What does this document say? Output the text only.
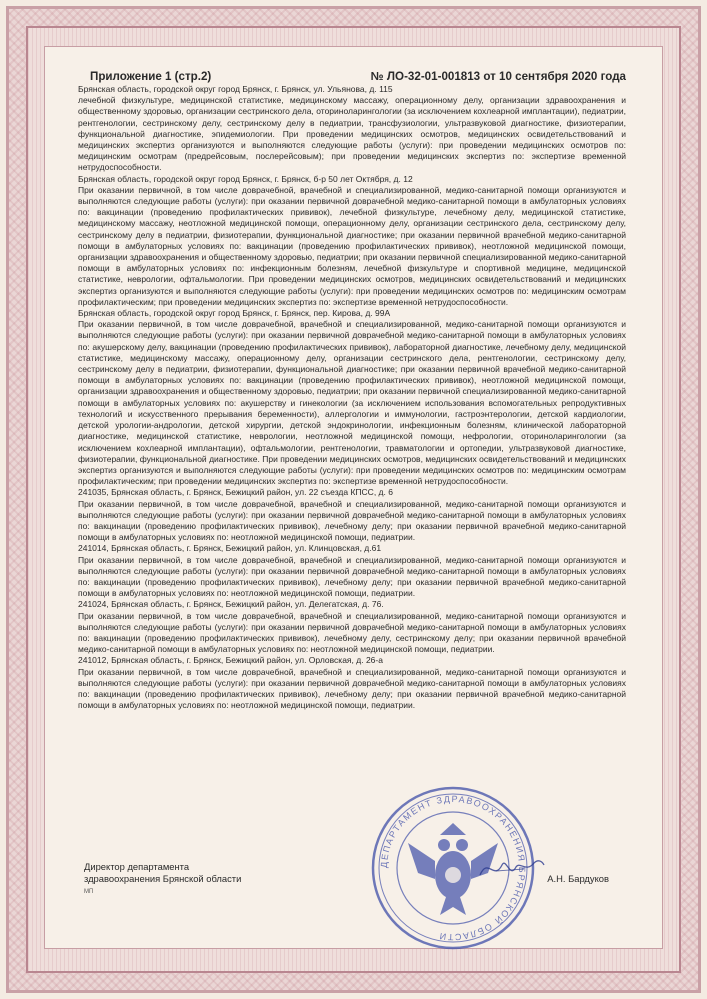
Приложение 1 (стр.2)	№ ЛО-32-01-001813 от 10 сентября 2020 года

Брянская область, городской округ город Брянск, г. Брянск, ул. Ульянова, д. 115

лечебной физкультуре, медицинской статистике, медицинскому массажу, операционному делу, организации здравоохранения и общественному здоровью, организации сестринского дела, оториноларингологии (за исключением кохлеарной имплантации), педиатрии, рентгенологии, сестринскому делу, сестринскому делу в педиатрии, трансфузиологии, ультразвуковой диагностике, физиотерапии, функциональной диагностике, эпидемиологии. При проведении медицинских осмотров, медицинских освидетельствований и медицинских экспертиз организуются и выполняются следующие работы (услуги): при проведении медицинских осмотров по: медицинским осмотрам (предрейсовым, послерейсовым); при проведении медицинских экспертиз по: экспертизе временной нетрудоспособности.

Брянская область, городской округ город Брянск, г. Брянск, б-р 50 лет Октября, д. 12

При оказании первичной, в том числе доврачебной, врачебной и специализированной, медико-санитарной помощи организуются и выполняются следующие работы (услуги): при оказании первичной доврачебной медико-санитарной помощи в амбулаторных условиях по: вакцинации (проведению профилактических прививок), лечебной физкультуре, лечебному делу, медицинской статистике, медицинскому массажу, неотложной медицинской помощи, операционному делу, организации сестринского дела, сестринскому делу, сестринскому делу в педиатрии, физиотерапии, функциональной диагностике; при оказании первичной врачебной медико-санитарной помощи в амбулаторных условиях по: вакцинации (проведению профилактических прививок), неотложной медицинской помощи, организации здравоохранения и общественному здоровью, педиатрии; при оказании первичной специализированной медико-санитарной помощи в амбулаторных условиях по: инфекционным болезням, лечебной физкультуре и спортивной медицине, медицинской статистике, неврологии, офтальмологии. При проведении медицинских осмотров, медицинских освидетельствований и медицинских экспертиз организуются и выполняются следующие работы (услуги): при проведении медицинских осмотров по: медицинским осмотрам профилактическим; при проведении медицинских экспертиз по: экспертизе временной нетрудоспособности.

Брянская область, городской округ город Брянск, г. Брянск, пер. Кирова, д. 99А

При оказании первичной, в том числе доврачебной, врачебной и специализированной, медико-санитарной помощи организуются и выполняются следующие работы (услуги): при оказании первичной доврачебной медико-санитарной помощи в амбулаторных условиях по: акушерскому делу, вакцинации (проведению профилактических прививок), лабораторной диагностике, лечебному делу, медицинской статистике, медицинскому массажу, операционному делу, организации сестринского дела, рентгенологии, сестринскому делу, сестринскому делу в педиатрии, физиотерапии, функциональной диагностике; при оказании первичной врачебной медико-санитарной помощи в амбулаторных условиях по: вакцинации (проведению профилактических прививок), неотложной медицинской помощи, организации здравоохранения и общественному здоровью, педиатрии; при оказании первичной специализированной медико-санитарной помощи в амбулаторных условиях по: акушерству и гинекологии (за исключением использования вспомогательных репродуктивных технологий и искусственного прерывания беременности), аллергологии и иммунологии, гастроэнтерологии, детской кардиологии, детской урологии-андрологии, детской хирургии, детской эндокринологии, инфекционным болезням, клинической лабораторной диагностике, медицинской статистике, неврологии, неотложной медицинской помощи, нефрологии, оториноларингологии (за исключением кохлеарной имплантации), офтальмологии, рентгенологии, травматологии и ортопедии, ультразвуковой диагностике, физиотерапии, функциональной диагностике. При проведении медицинских осмотров, медицинских освидетельствований и медицинских экспертиз организуются и выполняются следующие работы (услуги): при проведении медицинских осмотров по: медицинским осмотрам профилактическим; при проведении медицинских экспертиз по: экспертизе временной нетрудоспособности.

241035, Брянская область, г. Брянск, Бежицкий район, ул. 22 съезда КПСС, д. 6

При оказании первичной, в том числе доврачебной, врачебной и специализированной, медико-санитарной помощи организуются и выполняются следующие работы (услуги): при оказании первичной доврачебной медико-санитарной помощи в амбулаторных условиях по: вакцинации (проведению профилактических прививок), лечебному делу; при оказании первичной врачебной медико-санитарной помощи в амбулаторных условиях по: неотложной медицинской помощи, педиатрии.

241014, Брянская область, г. Брянск, Бежицкий район, ул. Клинцовская, д.61

При оказании первичной, в том числе доврачебной, врачебной и специализированной, медико-санитарной помощи организуются и выполняются следующие работы (услуги): при оказании первичной доврачебной медико-санитарной помощи в амбулаторных условиях по: вакцинации (проведению профилактических прививок), лечебному делу; при оказании первичной врачебной медико-санитарной помощи в амбулаторных условиях по: неотложной медицинской помощи, педиатрии.

241024, Брянская область, г. Брянск, Бежицкий район, ул. Делегатская, д. 76.

При оказании первичной, в том числе доврачебной, врачебной и специализированной, медико-санитарной помощи организуются и выполняются следующие работы (услуги): при оказании первичной доврачебной медико-санитарной помощи в амбулаторных условиях по: вакцинации (проведению профилактических прививок), лечебному делу, сестринскому делу; при оказании первичной врачебной медико-санитарной помощи в амбулаторных условиях по: неотложной медицинской помощи, педиатрии.

241012, Брянская область, г. Брянск, Бежицкий район, ул. Орловская, д. 26-а

При оказании первичной, в том числе доврачебной, врачебной и специализированной, медико-санитарной помощи организуются и выполняются следующие работы (услуги): при оказании первичной доврачебной медико-санитарной помощи в амбулаторных условиях по: вакцинации (проведению профилактических прививок), лечебному делу; при оказании первичной врачебной медико-санитарной помощи в амбулаторных условиях по: неотложной медицинской помощи, педиатрии.

ДЕПАРТАМЕНТ ЗДРАВООХРАНЕНИЯ БРЯНСКОЙ ОБЛАСТИ
Директор департамента
здравоохранения Брянской области
МП
А.Н. Бардуков
